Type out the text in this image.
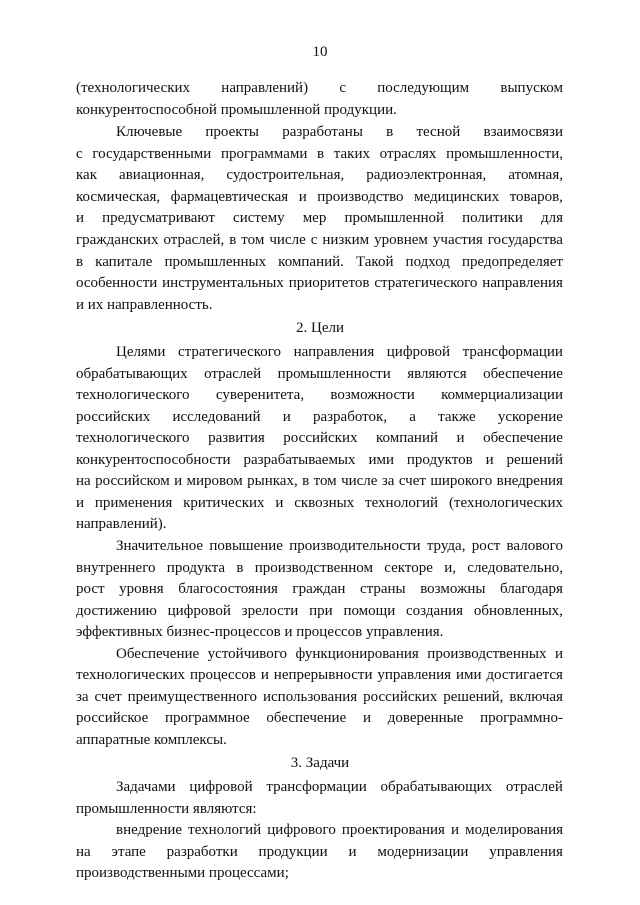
10
(технологических направлений) с последующим выпуском
конкурентоспособной промышленной продукции.
Ключевые проекты разработаны в тесной взаимосвязи
с государственными программами в таких отраслях промышленности,
как авиационная, судостроительная, радиоэлектронная, атомная,
космическая, фармацевтическая и производство медицинских товаров,
и предусматривают систему мер промышленной политики для
гражданских отраслей, в том числе с низким уровнем участия государства
в капитале промышленных компаний. Такой подход предопределяет
особенности инструментальных приоритетов стратегического направления
и их направленность.
2. Цели
Целями стратегического направления цифровой трансформации
обрабатывающих отраслей промышленности являются обеспечение
технологического суверенитета, возможности коммерциализации
российских исследований и разработок, а также ускорение
технологического развития российских компаний и обеспечение
конкурентоспособности разрабатываемых ими продуктов и решений
на российском и мировом рынках, в том числе за счет широкого внедрения
и применения критических и сквозных технологий (технологических
направлений).
Значительное повышение производительности труда, рост валового
внутреннего продукта в производственном секторе и, следовательно,
рост уровня благосостояния граждан страны возможны благодаря
достижению цифровой зрелости при помощи создания обновленных,
эффективных бизнес-процессов и процессов управления.
Обеспечение устойчивого функционирования производственных и
технологических процессов и непрерывности управления ими достигается
за счет преимущественного использования российских решений, включая
российское программное обеспечение и доверенные программно-
аппаратные комплексы.
3. Задачи
Задачами цифровой трансформации обрабатывающих отраслей
промышленности являются:
внедрение технологий цифрового проектирования и моделирования
на этапе разработки продукции и модернизации управления
производственными процессами;
